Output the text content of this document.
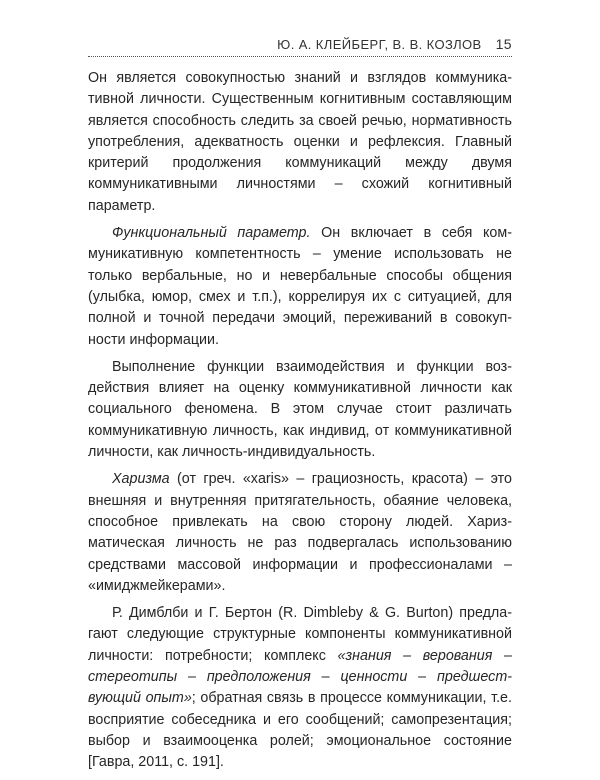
Ю. А. КЛЕЙБЕРГ, В. В. КОЗЛОВ 15

Он является совокупностью знаний и взглядов коммуникативной личности. Существенным когнитивным составляющим является способность следить за своей речью, нормативность употребления, адекватность оценки и рефлексия. Главный критерий продолжения коммуникаций между двумя коммуникативными личностями – схожий когнитивный параметр.

Функциональный параметр. Он включает в себя коммуникативную компетентность – умение использовать не только вербальные, но и невербальные способы общения (улыбка, юмор, смех и т.п.), коррелируя их с ситуацией, для полной и точной передачи эмоций, переживаний в совокупности информации.

Выполнение функции взаимодействия и функции воздействия влияет на оценку коммуникативной личности как социального феномена. В этом случае стоит различать коммуникативную личность, как индивид, от коммуникативной личности, как личность-индивидуальность.

Харизма (от греч. «xaris» – грациозность, красота) – это внешняя и внутренняя притягательность, обаяние человека, способное привлекать на свою сторону людей. Харизматическая личность не раз подвергалась использованию средствами массовой информации и профессионалами – «имиджмейкерами».

Р. Димблби и Г. Бертон (R. Dimbleby & G. Burton) предлагают следующие структурные компоненты коммуникативной личности: потребности; комплекс «знания – верования – стереотипы – предположения – ценности – предшествующий опыт»; обратная связь в процессе коммуникации, т.е. восприятие собеседника и его сообщений; самопрезентация; выбор и взаимооценка ролей; эмоциональное состояние [Гавра, 2011, с. 191].
